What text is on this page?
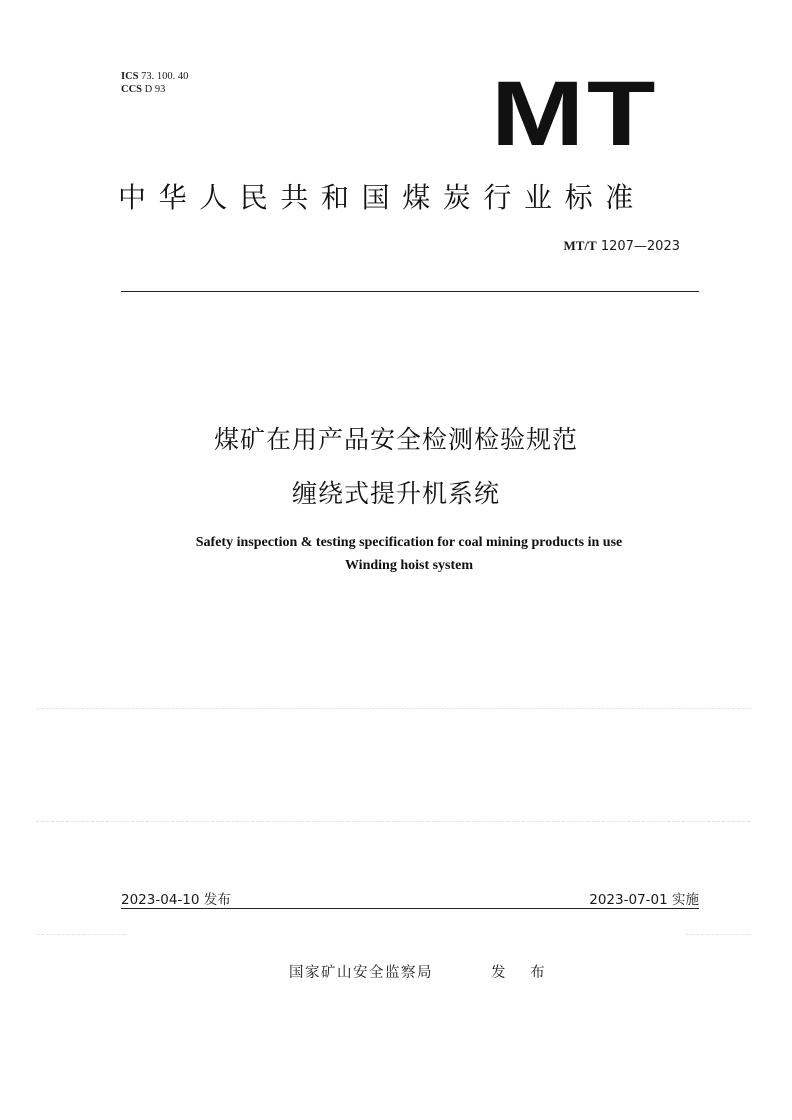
ICS 73. 100. 40
CCS D 93	MT
中华人民共和国煤炭行业标准
MT/T 1207—2023
煤矿在用产品安全检测检验规范
缠绕式提升机系统
Safety inspection & testing specification for coal mining products in use
Winding hoist system
2023-04-10 发布	2023-07-01 实施
国家矿山安全监察局	发 布
